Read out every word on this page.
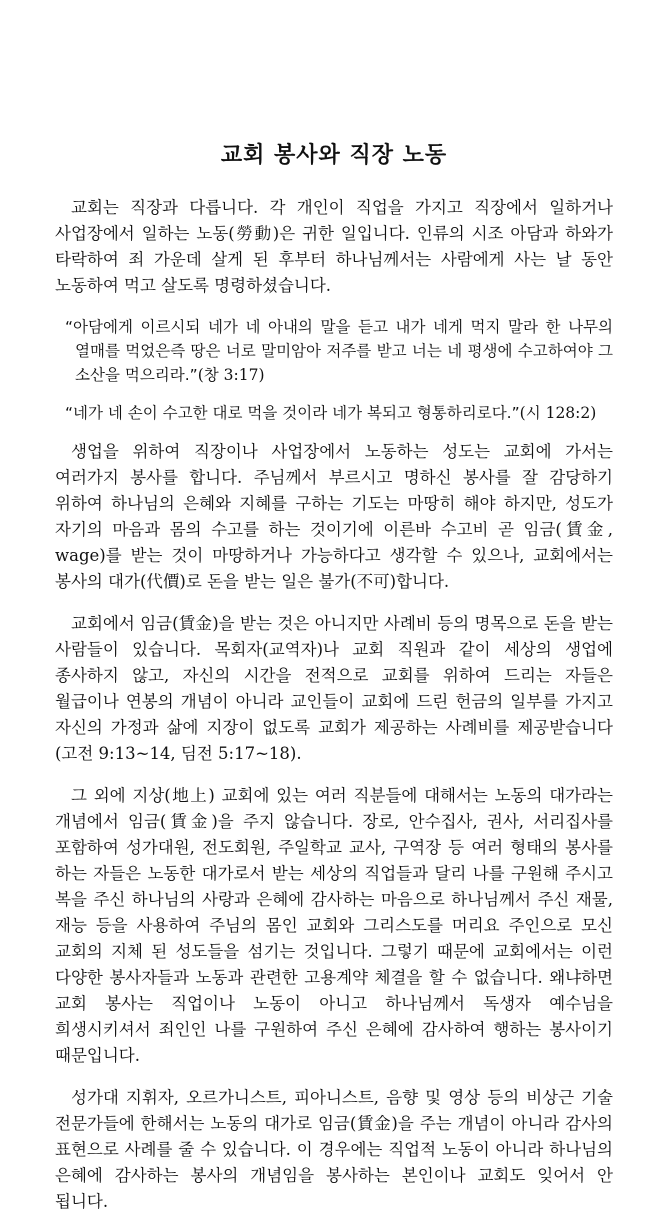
교회 봉사와 직장 노동

교회는 직장과 다릅니다. 각 개인이 직업을 가지고 직장에서 일하거나 사업장에서 일하는 노동(勞動)은 귀한 일입니다. 인류의 시조 아담과 하와가 타락하여 죄 가운데 살게 된 후부터 하나님께서는 사람에게 사는 날 동안 노동하여 먹고 살도록 명령하셨습니다.

“아담에게 이르시되 네가 네 아내의 말을 듣고 내가 네게 먹지 말라 한 나무의 열매를 먹었은즉 땅은 너로 말미암아 저주를 받고 너는 네 평생에 수고하여야 그 소산을 먹으리라.”(창 3:17)

“네가 네 손이 수고한 대로 먹을 것이라 네가 복되고 형통하리로다.”(시 128:2)

생업을 위하여 직장이나 사업장에서 노동하는 성도는 교회에 가서는 여러가지 봉사를 합니다. 주님께서 부르시고 명하신 봉사를 잘 감당하기 위하여 하나님의 은혜와 지혜를 구하는 기도는 마땅히 해야 하지만, 성도가 자기의 마음과 몸의 수고를 하는 것이기에 이른바 수고비 곧 임금(賃金, wage)를 받는 것이 마땅하거나 가능하다고 생각할 수 있으나, 교회에서는 봉사의 대가(代價)로 돈을 받는 일은 불가(不可)합니다.

교회에서 임금(賃金)을 받는 것은 아니지만 사례비 등의 명목으로 돈을 받는 사람들이 있습니다. 목회자(교역자)나 교회 직원과 같이 세상의 생업에 종사하지 않고, 자신의 시간을 전적으로 교회를 위하여 드리는 자들은 월급이나 연봉의 개념이 아니라 교인들이 교회에 드린 헌금의 일부를 가지고 자신의 가정과 삶에 지장이 없도록 교회가 제공하는 사례비를 제공받습니다(고전 9:13~14, 딤전 5:17~18).

그 외에 지상(地上) 교회에 있는 여러 직분들에 대해서는 노동의 대가라는 개념에서 임금(賃金)을 주지 않습니다. 장로, 안수집사, 권사, 서리집사를 포함하여 성가대원, 전도회원, 주일학교 교사, 구역장 등 여러 형태의 봉사를 하는 자들은 노동한 대가로서 받는 세상의 직업들과 달리 나를 구원해 주시고 복을 주신 하나님의 사랑과 은혜에 감사하는 마음으로 하나님께서 주신 재물, 재능 등을 사용하여 주님의 몸인 교회와 그리스도를 머리요 주인으로 모신 교회의 지체 된 성도들을 섬기는 것입니다. 그렇기 때문에 교회에서는 이런 다양한 봉사자들과 노동과 관련한 고용계약 체결을 할 수 없습니다. 왜냐하면 교회 봉사는 직업이나 노동이 아니고 하나님께서 독생자 예수님을 희생시키셔서 죄인인 나를 구원하여 주신 은혜에 감사하여 행하는 봉사이기 때문입니다.

성가대 지휘자, 오르가니스트, 피아니스트, 음향 및 영상 등의 비상근 기술 전문가들에 한해서는 노동의 대가로 임금(賃金)을 주는 개념이 아니라 감사의 표현으로 사례를 줄 수 있습니다. 이 경우에는 직업적 노동이 아니라 하나님의 은혜에 감사하는 봉사의 개념임을 봉사하는 본인이나 교회도 잊어서 안 됩니다.
